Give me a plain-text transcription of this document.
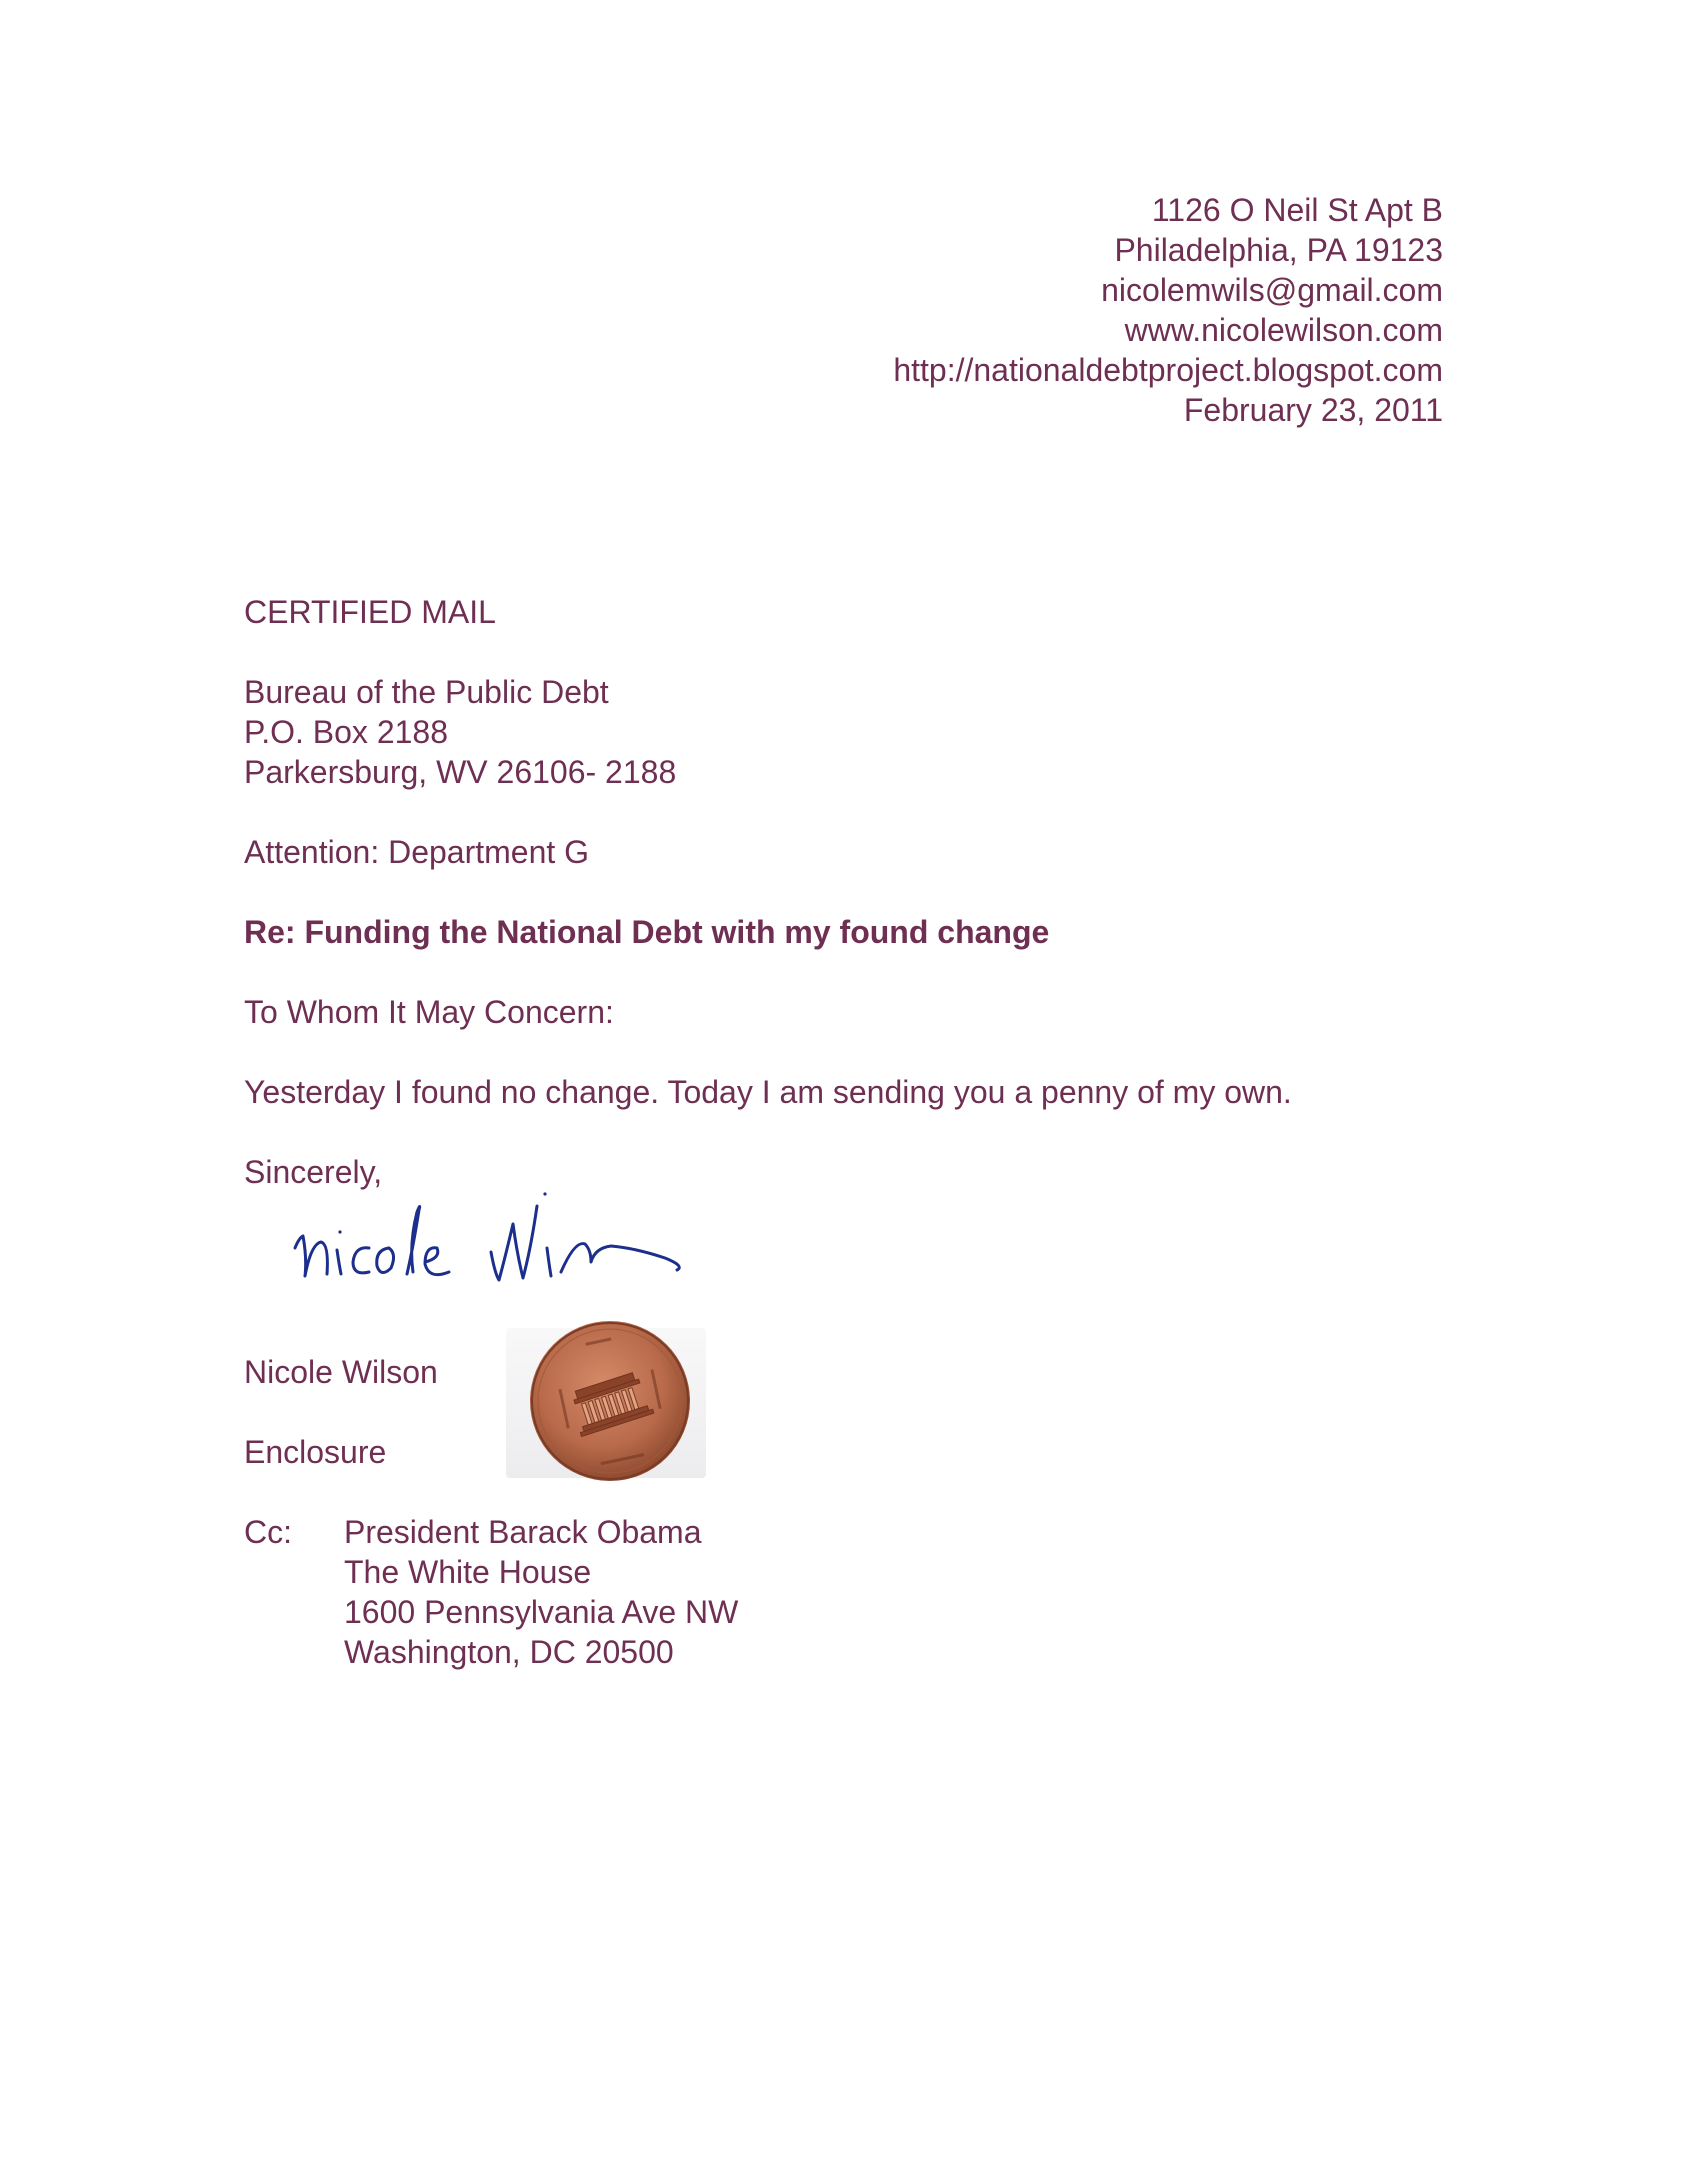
1126 O Neil St Apt B
Philadelphia, PA 19123
nicolemwils@gmail.com
www.nicolewilson.com
http://nationaldebtproject.blogspot.com
February 23, 2011
CERTIFIED MAIL
Bureau of the Public Debt
P.O. Box 2188
Parkersburg, WV 26106- 2188
Attention: Department G
Re: Funding the National Debt with my found change
To Whom It May Concern:
Yesterday I found no change. Today I am sending you a penny of my own.
Sincerely,
Nicole Wilson
Enclosure
Cc: President Barack Obama
The White House
1600 Pennsylvania Ave NW
Washington, DC 20500
